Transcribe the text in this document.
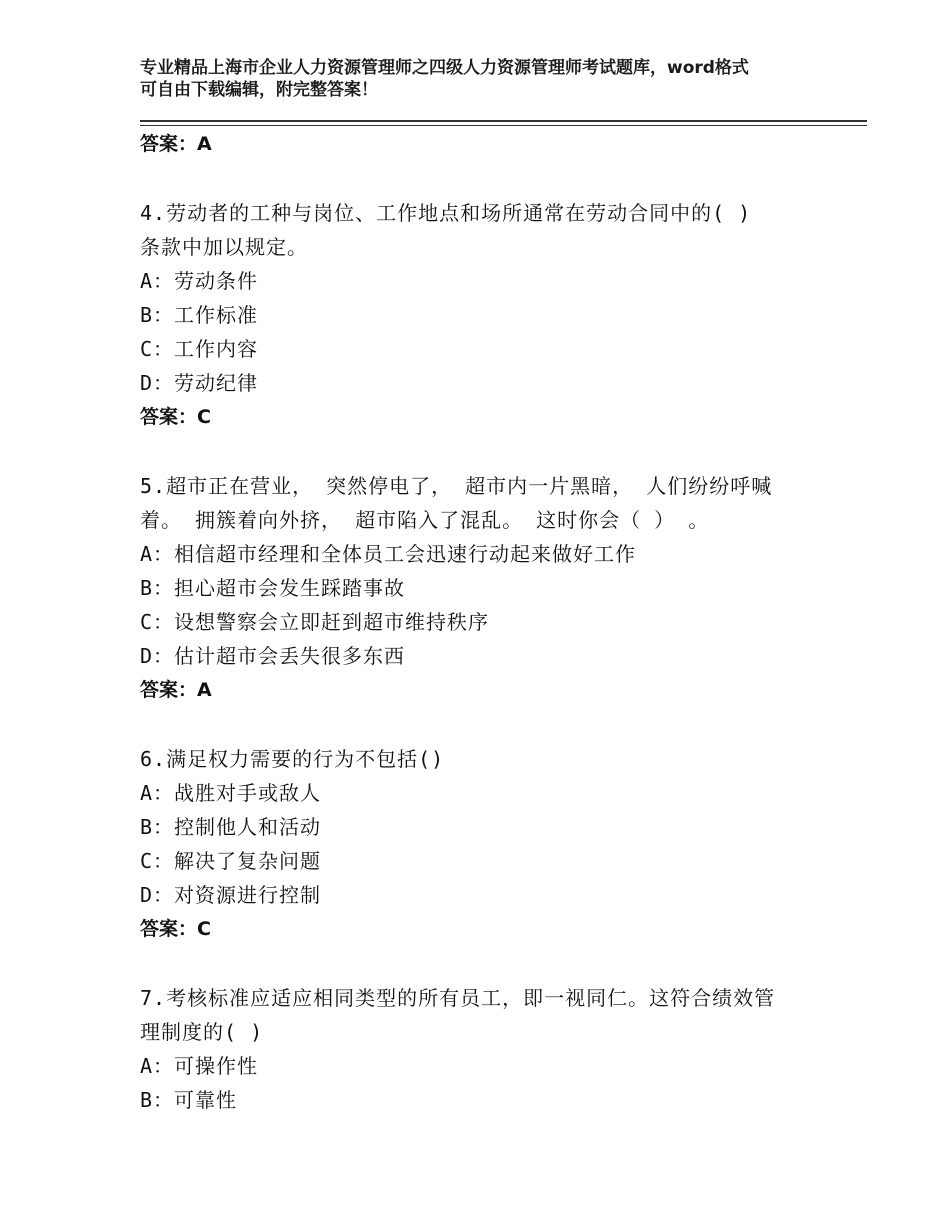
专业精品上海市企业人力资源管理师之四级人力资源管理师考试题库，word格式
可自由下载编辑，附完整答案！
答案：A
4.劳动者的工种与岗位、工作地点和场所通常在劳动合同中的( )
条款中加以规定。
A：劳动条件
B：工作标准
C：工作内容
D：劳动纪律
答案：C
5.超市正在营业， 突然停电了， 超市内一片黑暗， 人们纷纷呼喊
着。 拥簇着向外挤， 超市陷入了混乱。 这时你会（ ） 。
A：相信超市经理和全体员工会迅速行动起来做好工作
B：担心超市会发生踩踏事故
C：设想警察会立即赶到超市维持秩序
D：估计超市会丢失很多东西
答案：A
6.满足权力需要的行为不包括()
A：战胜对手或敌人
B：控制他人和活动
C：解决了复杂问题
D：对资源进行控制
答案：C
7.考核标准应适应相同类型的所有员工，即一视同仁。这符合绩效管
理制度的( )
A：可操作性
B：可靠性
